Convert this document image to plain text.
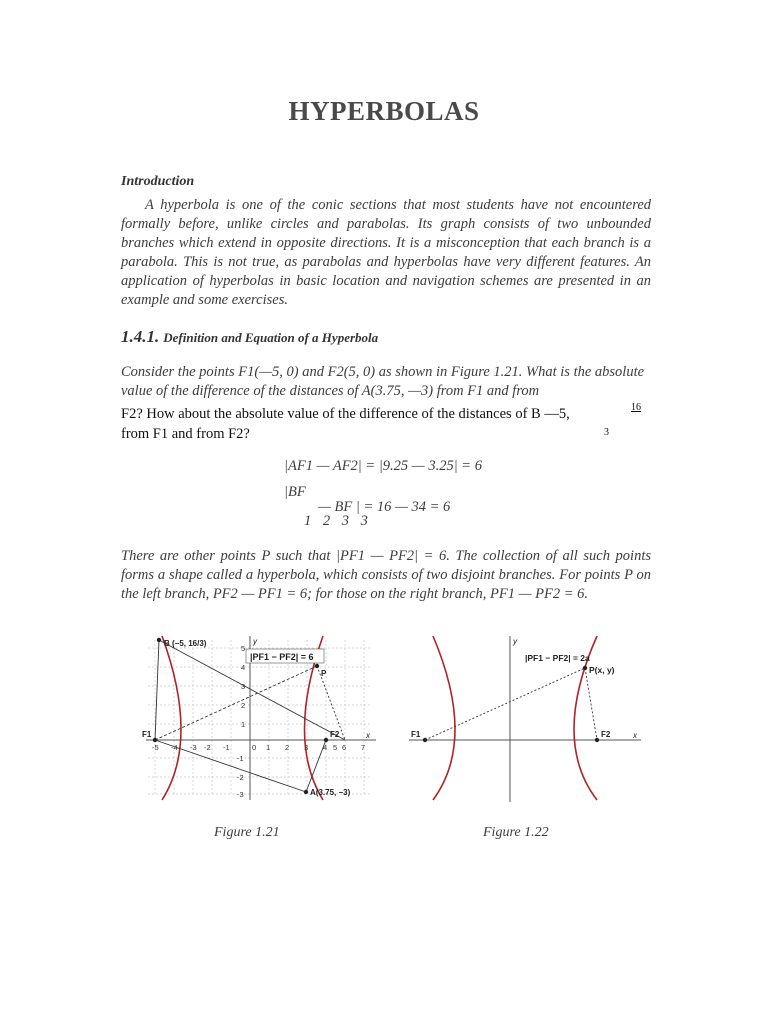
HYPERBOLAS
Introduction
A hyperbola is one of the conic sections that most students have not encountered formally before, unlike circles and parabolas. Its graph consists of two unbounded branches which extend in opposite directions. It is a misconception that each branch is a parabola. This is not true, as parabolas and hyperbolas have very different features. An application of hyperbolas in basic location and navigation schemes are presented in an example and some exercises.
1.4.1. Definition and Equation of a Hyperbola
Consider the points F1(—5, 0) and F2(5, 0) as shown in Figure 1.21. What is the absolute value of the difference of the distances of A(3.75, —3) from F1 and from
F2? How about the absolute value of the difference of the distances of B —5,
from F1 and from F2?
16
3
|AF1 — AF2| = |9.25 — 3.25| = 6
|BF
— BF | = 16 — 34 = 6
1 2 3 3
There are other points P such that |PF1 — PF2| = 6. The collection of all such points forms a shape called a hyperbola, which consists of two disjoint branches. For points P on the left branch, PF2 — PF1 = 6; for those on the right branch, PF1 — PF2 = 6.
|PF1 − PF2| = 6
B (−5, 16/3)
P
A(3.75, −3)
F1	F2	x
y
-5 -4 -3 -2 -1	0 1 2 3 4 5 6 7
5
4
3
2
1
-1
-2
-3
Figure 1.21
|PF1 − PF2| = 2a
P(x, y)
F1	F2	x
y
Figure 1.22
